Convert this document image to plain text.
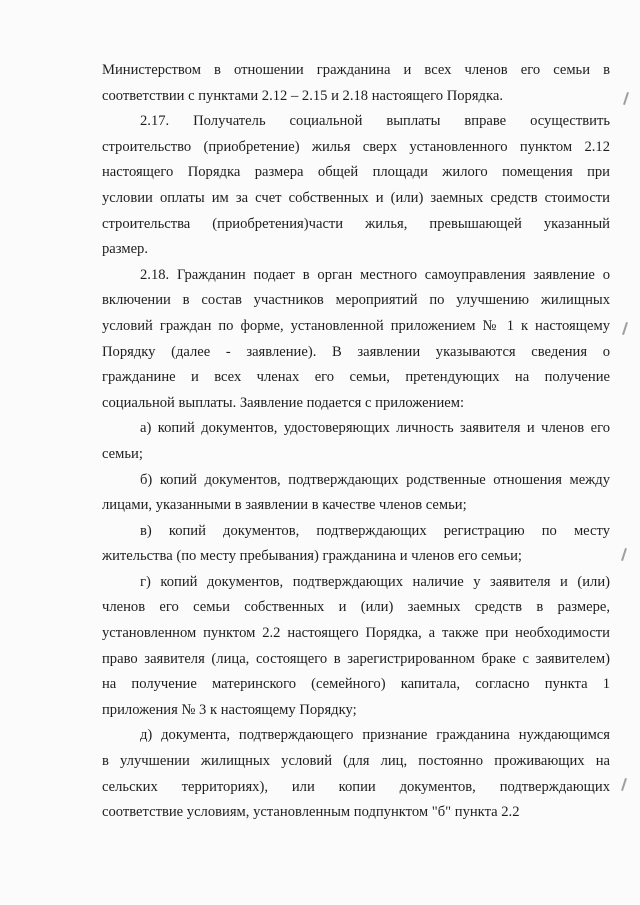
Министерством в отношении гражданина и всех членов его семьи в
соответствии с пунктами 2.12 – 2.15 и 2.18 настоящего Порядка.
2.17. Получатель социальной выплаты вправе осуществить
строительство (приобретение) жилья сверх установленного пунктом 2.12
настоящего Порядка размера общей площади жилого помещения при
условии оплаты им за счет собственных и (или) заемных средств стоимости
строительства (приобретения)части жилья, превышающей указанный
размер.
2.18. Гражданин подает в орган местного самоуправления заявление о
включении в состав участников мероприятий по улучшению жилищных
условий граждан по форме, установленной приложением № 1 к настоящему
Порядку (далее - заявление). В заявлении указываются сведения о
гражданине и всех членах его семьи, претендующих на получение
социальной выплаты. Заявление подается с приложением:
а) копий документов, удостоверяющих личность заявителя и членов его
семьи;
б) копий документов, подтверждающих родственные отношения между
лицами, указанными в заявлении в качестве членов семьи;
в) копий документов, подтверждающих регистрацию по месту
жительства (по месту пребывания) гражданина и членов его семьи;
г) копий документов, подтверждающих наличие у заявителя и (или)
членов его семьи собственных и (или) заемных средств в размере,
установленном пунктом 2.2 настоящего Порядка, а также при необходимости
право заявителя (лица, состоящего в зарегистрированном браке с заявителем)
на получение материнского (семейного) капитала, согласно пункта 1
приложения № 3 к настоящему Порядку;
д) документа, подтверждающего признание гражданина нуждающимся
в улучшении жилищных условий (для лиц, постоянно проживающих на
сельских территориях), или копии документов, подтверждающих
соответствие условиям, установленным подпунктом "б" пункта 2.2
